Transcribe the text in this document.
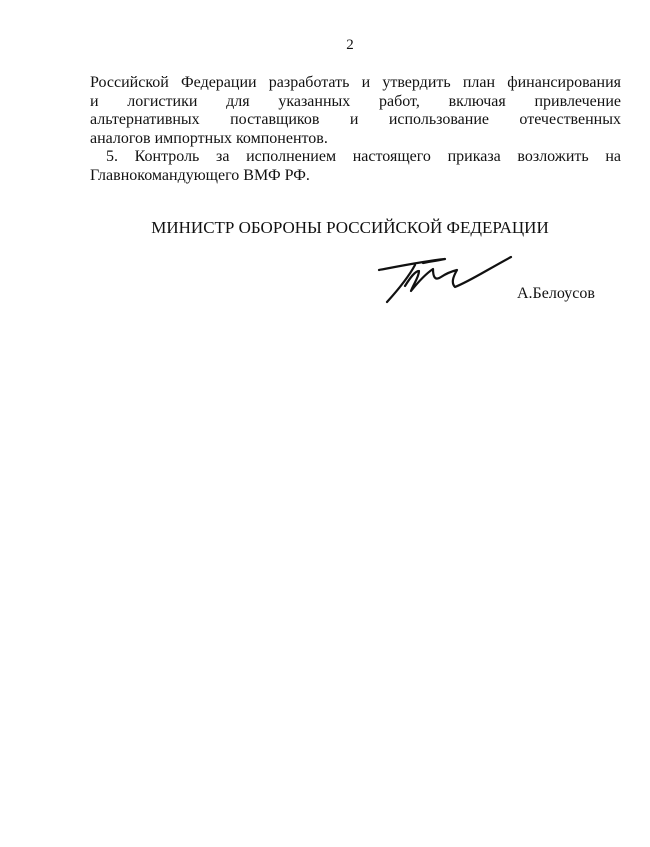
2
Российской Федерации разработать и утвердить план финансирования
и логистики для указанных работ, включая привлечение
альтернативных поставщиков и использование отечественных
аналогов импортных компонентов.
5. Контроль за исполнением настоящего приказа возложить на
Главнокомандующего ВМФ РФ.
МИНИСТР ОБОРОНЫ РОССИЙСКОЙ ФЕДЕРАЦИИ
А.Белоусов
